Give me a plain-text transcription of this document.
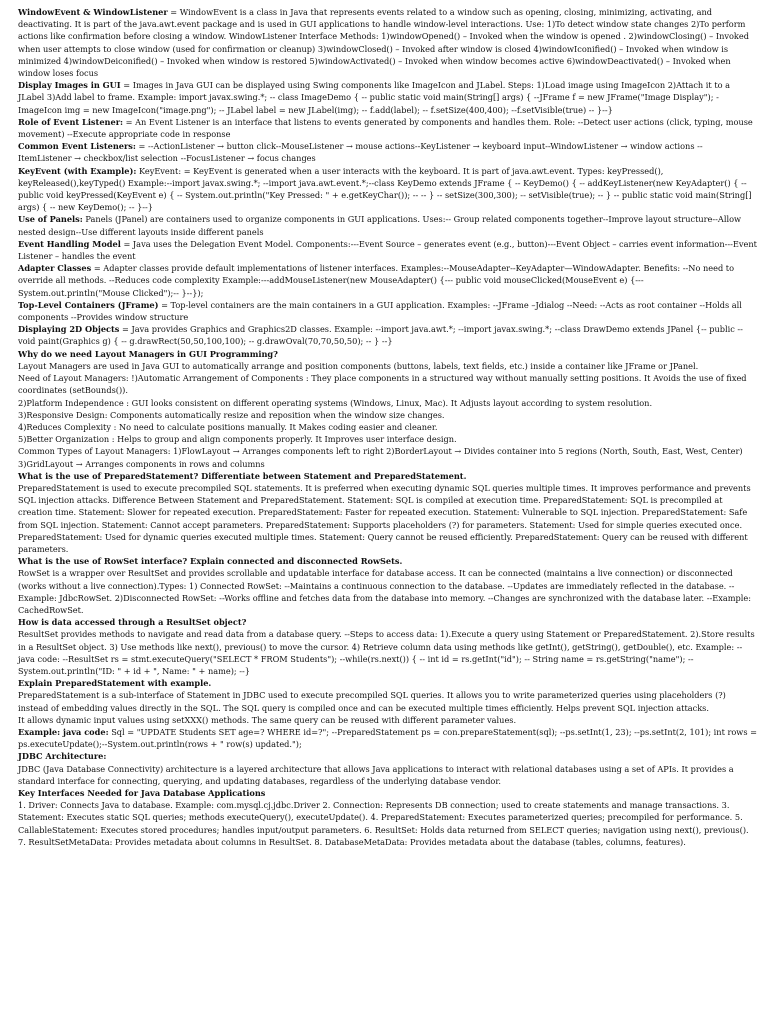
WindowEvent & WindowListener = WindowEvent is a class in Java that represents events related to a window such as opening, closing, minimizing, activating, and deactivating. It is part of the java.awt.event package and is used in GUI applications to handle window-level interactions. Use: 1)To detect window state changes 2)To perform actions like confirmation before closing a window. WindowListener Interface Methods: 1)windowOpened() – Invoked when the window is opened . 2)windowClosing() – Invoked when user attempts to close window (used for confirmation or cleanup) 3)windowClosed() – Invoked after window is closed 4)windowIconified() – Invoked when window is minimized 4)windowDeiconified() – Invoked when window is restored 5)windowActivated() – Invoked when window becomes active 6)windowDeactivated() – Invoked when window loses focus

Display Images in GUI = Images in Java GUI can be displayed using Swing components like ImageIcon and JLabel. Steps: 1)Load image using ImageIcon 2)Attach it to a JLabel 3)Add label to frame. Example: import javax.swing.*; -- class ImageDemo { -- public static void main(String[] args) { --JFrame f = new JFrame("Image Display"); - ImageIcon img = new ImageIcon("image.png"); -- JLabel label = new JLabel(img); -- f.add(label); -- f.setSize(400,400); --f.setVisible(true) -- }--}

Role of Event Listener: = An Event Listener is an interface that listens to events generated by components and handles them. Role: --Detect user actions (click, typing, mouse movement) --Execute appropriate code in response

Common Event Listeners: = --ActionListener → button click--MouseListener → mouse actions--KeyListener → keyboard input--WindowListener → window actions -- ItemListener → checkbox/list selection --FocusListener → focus changes

KeyEvent (with Example): KeyEvent: = KeyEvent is generated when a user interacts with the keyboard. It is part of java.awt.event. Types: keyPressed(), keyReleased(),keyTyped() Example:--import javax.swing.*; --import java.awt.event.*;--class KeyDemo extends JFrame { -- KeyDemo() { -- addKeyListener(new KeyAdapter() { -- public void keyPressed(KeyEvent e) { -- System.out.println("Key Pressed: " + e.getKeyChar()); -- -- } -- setSize(300,300); -- setVisible(true); -- } -- public static void main(String[] args) { -- new KeyDemo(); -- }--}

Use of Panels: Panels (JPanel) are containers used to organize components in GUI applications. Uses:-- Group related components together--Improve layout structure--Allow nested design--Use different layouts inside different panels

Event Handling Model = Java uses the Delegation Event Model. Components:---Event Source – generates event (e.g., button)---Event Object – carries event information---Event Listener – handles the event

Adapter Classes = Adapter classes provide default implementations of listener interfaces. Examples:--MouseAdapter--KeyAdapter—WindowAdapter. Benefits: --No need to override all methods. --Reduces code complexity Example:---addMouseListener(new MouseAdapter() {--- public void mouseClicked(MouseEvent e) {--- System.out.println("Mouse Clicked");-- }--});

Top-Level Containers (JFrame) = Top-level containers are the main containers in a GUI application. Examples: --JFrame –Jdialog --Need: --Acts as root container --Holds all components --Provides window structure

Displaying 2D Objects = Java provides Graphics and Graphics2D classes. Example: --import java.awt.*; --import javax.swing.*; --class DrawDemo extends JPanel {-- public --void paint(Graphics g) { -- g.drawRect(50,50,100,100); -- g.drawOval(70,70,50,50); -- } --}

Why do we need Layout Managers in GUI Programming?

Layout Managers are used in Java GUI to automatically arrange and position components (buttons, labels, text fields, etc.) inside a container like JFrame or JPanel.

Need of Layout Managers: !)Automatic Arrangement of Components : They place components in a structured way without manually setting positions. It Avoids the use of fixed coordinates (setBounds()).

2)Platform Independence : GUI looks consistent on different operating systems (Windows, Linux, Mac). It Adjusts layout according to system resolution.

3)Responsive Design: Components automatically resize and reposition when the window size changes.

4)Reduces Complexity : No need to calculate positions manually. It Makes coding easier and cleaner.

5)Better Organization : Helps to group and align components properly. It Improves user interface design.

Common Types of Layout Managers: 1)FlowLayout → Arranges components left to right 2)BorderLayout → Divides container into 5 regions (North, South, East, West, Center) 3)GridLayout → Arranges components in rows and columns

What is the use of PreparedStatement? Differentiate between Statement and PreparedStatement.

PreparedStatement is used to execute precompiled SQL statements. It is preferred when executing dynamic SQL queries multiple times. It improves performance and prevents SQL injection attacks. Difference Between Statement and PreparedStatement. Statement: SQL is compiled at execution time. PreparedStatement: SQL is precompiled at creation time. Statement: Slower for repeated execution. PreparedStatement: Faster for repeated execution. Statement: Vulnerable to SQL injection. PreparedStatement: Safe from SQL injection. Statement: Cannot accept parameters. PreparedStatement: Supports placeholders (?) for parameters. Statement: Used for simple queries executed once. PreparedStatement: Used for dynamic queries executed multiple times. Statement: Query cannot be reused efficiently. PreparedStatement: Query can be reused with different parameters.

What is the use of RowSet interface? Explain connected and disconnected RowSets.

RowSet is a wrapper over ResultSet and provides scrollable and updatable interface for database access. It can be connected (maintains a live connection) or disconnected (works without a live connection).Types: 1) Connected RowSet: --Maintains a continuous connection to the database. --Updates are immediately reflected in the database. --Example: JdbcRowSet. 2)Disconnected RowSet: --Works offline and fetches data from the database into memory. --Changes are synchronized with the database later. --Example: CachedRowSet.

How is data accessed through a ResultSet object?

ResultSet provides methods to navigate and read data from a database query. --Steps to access data: 1).Execute a query using Statement or PreparedStatement. 2).Store results in a ResultSet object. 3) Use methods like next(), previous() to move the cursor. 4) Retrieve column data using methods like getInt(), getString(), getDouble(), etc. Example: -- java code: --ResultSet rs = stmt.executeQuery("SELECT * FROM Students"); --while(rs.next()) { -- int id = rs.getInt("id"); -- String name = rs.getString("name"); -- System.out.println("ID: " + id + ", Name: " + name); --}

Explain PreparedStatement with example.

PreparedStatement is a sub-interface of Statement in JDBC used to execute precompiled SQL queries. It allows you to write parameterized queries using placeholders (?) instead of embedding values directly in the SQL. The SQL query is compiled once and can be executed multiple times efficiently. Helps prevent SQL injection attacks.

It allows dynamic input values using setXXX() methods. The same query can be reused with different parameter values.

Example: java code: Sql = "UPDATE Students SET age=? WHERE id=?"; --PreparedStatement ps = con.prepareStatement(sql); --ps.setInt(1, 23); --ps.setInt(2, 101); int rows = ps.executeUpdate();--System.out.println(rows + " row(s) updated.");

JDBC Architecture:

JDBC (Java Database Connectivity) architecture is a layered architecture that allows Java applications to interact with relational databases using a set of APIs. It provides a standard interface for connecting, querying, and updating databases, regardless of the underlying database vendor.

Key Interfaces Needed for Java Database Applications

1. Driver: Connects Java to database. Example: com.mysql.cj.jdbc.Driver 2. Connection: Represents DB connection; used to create statements and manage transactions. 3. Statement: Executes static SQL queries; methods executeQuery(), executeUpdate(). 4. PreparedStatement: Executes parameterized queries; precompiled for performance. 5. CallableStatement: Executes stored procedures; handles input/output parameters. 6. ResultSet: Holds data returned from SELECT queries; navigation using next(), previous(). 7. ResultSetMetaData: Provides metadata about columns in ResultSet. 8. DatabaseMetaData: Provides metadata about the database (tables, columns, features).
